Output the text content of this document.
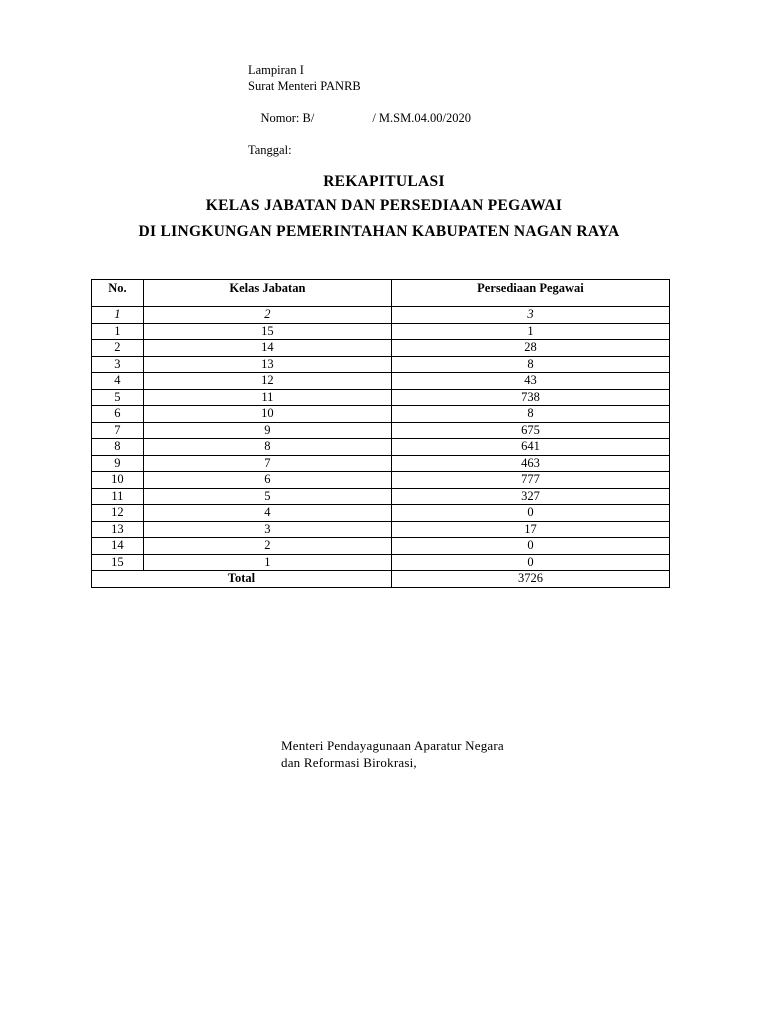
Lampiran I
Surat Menteri PANRB

Nomor: B/	/ M.SM.04.00/2020

Tanggal:
REKAPITULASI
KELAS JABATAN DAN PERSEDIAAN PEGAWAI
DI LINGKUNGAN PEMERINTAHAN KABUPATEN NAGAN RAYA
No.	Kelas Jabatan	Persediaan Pegawai
1	2	3
1	15	1
2	14	28
3	13	8
4	12	43
5	11	738
6	10	8
7	9	675
8	8	641
9	7	463
10	6	777
11	5	327
12	4	0
13	3	17
14	2	0
15	1	0
Total		3726
Menteri Pendayagunaan Aparatur Negara
dan Reformasi Birokrasi,
